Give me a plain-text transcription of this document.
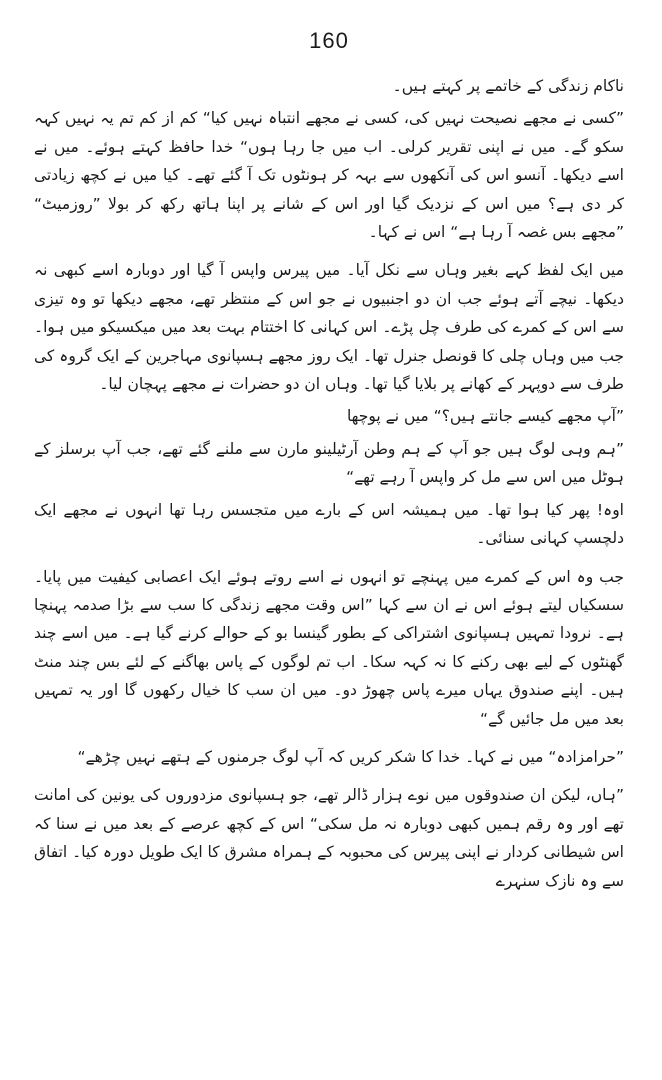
160

ناکام زندگی کے خاتمے پر کہتے ہیں۔

”کسی نے مجھے نصیحت نہیں کی، کسی نے مجھے انتباہ نہیں کیا“ کم از کم تم یہ نہیں کہہ سکو گے۔ میں نے اپنی تقریر کرلی۔ اب میں جا رہا ہوں“ خدا حافظ کہتے ہوئے۔ میں نے اسے دیکھا۔ آنسو اس کی آنکھوں سے بہہ کر ہونٹوں تک آ گئے تھے۔ کیا میں نے کچھ زیادتی کر دی ہے؟ میں اس کے نزدیک گیا اور اس کے شانے پر اپنا ہاتھ رکھ کر بولا ”روزمیٹ“ ”مجھے بس غصہ آ رہا ہے“ اس نے کہا۔

میں ایک لفظ کہے بغیر وہاں سے نکل آیا۔ میں پیرس واپس آ گیا اور دوبارہ اسے کبھی نہ دیکھا۔ نیچے آتے ہوئے جب ان دو اجنبیوں نے جو اس کے منتظر تھے، مجھے دیکھا تو وہ تیزی سے اس کے کمرے کی طرف چل پڑے۔ اس کہانی کا اختتام بہت بعد میں میکسیکو میں ہوا۔ جب میں وہاں چلی کا قونصل جنرل تھا۔ ایک روز مجھے ہسپانوی مہاجرین کے ایک گروہ کی طرف سے دوپہر کے کھانے پر بلایا گیا تھا۔ وہاں ان دو حضرات نے مجھے پہچان لیا۔

”آپ مجھے کیسے جانتے ہیں؟“ میں نے پوچھا

”ہم وہی لوگ ہیں جو آپ کے ہم وطن آرٹیلینو مارن سے ملنے گئے تھے، جب آپ برسلز کے ہوٹل میں اس سے مل کر واپس آ رہے تھے“

اوہ! پھر کیا ہوا تھا۔ میں ہمیشہ اس کے بارے میں متجسس رہا تھا انہوں نے مجھے ایک دلچسپ کہانی سنائی۔

جب وہ اس کے کمرے میں پہنچے تو انہوں نے اسے روتے ہوئے ایک اعصابی کیفیت میں پایا۔ سسکیاں لیتے ہوئے اس نے ان سے کہا ”اس وقت مجھے زندگی کا سب سے بڑا صدمہ پہنچا ہے۔ نرودا تمہیں ہسپانوی اشتراکی کے بطور گینسا بو کے حوالے کرنے گیا ہے۔ میں اسے چند گھنٹوں کے لیے بھی رکنے کا نہ کہہ سکا۔ اب تم لوگوں کے پاس بھاگنے کے لئے بس چند منٹ ہیں۔ اپنے صندوق یہاں میرے پاس چھوڑ دو۔ میں ان سب کا خیال رکھوں گا اور یہ تمہیں بعد میں مل جائیں گے“

”حرامزادہ“ میں نے کہا۔ خدا کا شکر کریں کہ آپ لوگ جرمنوں کے ہتھے نہیں چڑھے“

”ہاں، لیکن ان صندوقوں میں نوے ہزار ڈالر تھے، جو ہسپانوی مزدوروں کی یونین کی امانت تھے اور وہ رقم ہمیں کبھی دوبارہ نہ مل سکی“ اس کے کچھ عرصے کے بعد میں نے سنا کہ اس شیطانی کردار نے اپنی پیرس کی محبوبہ کے ہمراہ مشرق کا ایک طویل دورہ کیا۔ اتفاق سے وہ نازک سنہرے
